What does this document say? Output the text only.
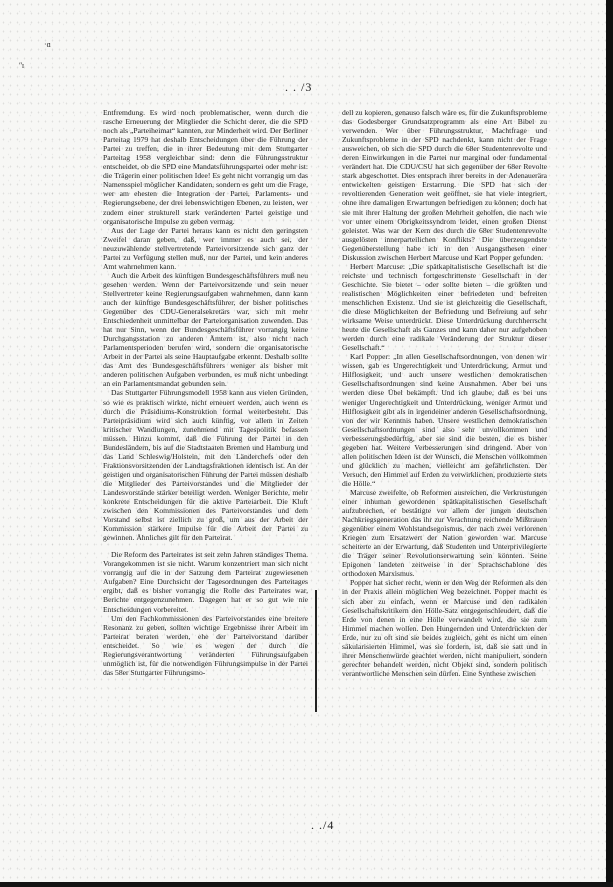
·ɑ
ʺɪ
. . /3

Entfremdung. Es wird noch problematischer, wenn durch die rasche Erneuerung der Mitglieder die Schicht derer, die die SPD noch als „Parteiheimat“ kannten, zur Minderheit wird. Der Berliner Parteitag 1979 hat deshalb Entscheidungen über die Führung der Partei zu treffen, die in ihrer Bedeutung mit dem Stuttgarter Parteitag 1958 vergleichbar sind: denn die Führungsstruktur entscheidet, ob die SPD eine Mandatsführungspartei oder mehr ist: die Trägerin einer politischen Idee! Es geht nicht vorrangig um das Namensspiel möglicher Kandidaten, sondern es geht um die Frage, wer am ehesten die Integration der Partei, Parlaments- und Regierungsebene, der drei lebenswichtigen Ebenen, zu leisten, wer zudem einer strukturell stark veränderten Partei geistige und organisatorische Impulse zu geben vermag.

Aus der Lage der Partei heraus kann es nicht den geringsten Zweifel daran geben, daß, wer immer es auch sei, der neuzuwählende stellvertretende Parteivorsitzende sich ganz der Partei zu Verfügung stellen muß, nur der Partei, und kein anderes Amt wahrnehmen kann.

Auch die Arbeit des künftigen Bundesgeschäftsführers muß neu gesehen werden. Wenn der Parteivorsitzende und sein neuer Stellvertreter keine Regierungsaufgaben wahrnehmen, dann kann auch der künftige Bundesgeschäftsführer, der bisher politisches Gegenüber des CDU-Generalsekretärs war, sich mit mehr Entschiedenheit unmittelbar der Parteiorganisation zuwenden. Das hat nur Sinn, wenn der Bundesgeschäftsführer vorrangig keine Durchgangsstation zu anderen Ämtern ist, also nicht nach Parlamentsperioden berufen wird, sondern die organisatorische Arbeit in der Partei als seine Hauptaufgabe erkennt. Deshalb sollte das Amt des Bundesgeschäftsführers weniger als bisher mit anderen politischen Aufgaben verbunden, es muß nicht unbedingt an ein Parlamentsmandat gebunden sein.

Das Stuttgarter Führungsmodell 1958 kann aus vielen Gründen, so wie es praktisch wirkte, nicht erneuert werden, auch wenn es durch die Präsidiums-Konstruktion formal weiterbesteht. Das Parteipräsidium wird sich auch künftig, vor allem in Zeiten kritischer Wandlungen, zunehmend mit Tagespolitik befassen müssen. Hinzu kommt, daß die Führung der Partei in den Bundesländern, bis auf die Stadtstaaten Bremen und Hamburg und das Land Schleswig/Holstein, mit den Länderchefs oder den Fraktionsvorsitzenden der Landtagsfraktionen identisch ist. An der geistigen und organisatorischen Führung der Partei müssen deshalb die Mitglieder des Parteivorstandes und die Mitglieder der Landesvorstände stärker beteiligt werden. Weniger Berichte, mehr konkrete Entscheidungen für die aktive Parteiarbeit. Die Kluft zwischen den Kommissionen des Parteivorstandes und dem Vorstand selbst ist ziellich zu groß, um aus der Arbeit der Kommission stärkere Impulse für die Arbeit der Partei zu gewinnen. Ähnliches gilt für den Parteirat.

Die Reform des Parteirates ist seit zehn Jahren ständiges Thema. Vorangekommen ist sie nicht. Warum konzentriert man sich nicht vorrangig auf die in der Satzung dem Parteirat zugewiesenen Aufgaben? Eine Durchsicht der Tagesordnungen des Parteitages ergibt, daß es bisher vorrangig die Rolle des Parteirates war, Berichte entgegenzunehmen. Dagegen hat er so gut wie nie Entscheidungen vorbereitet.

Um den Fachkommissionen des Parteivorstandes eine breitere Resonanz zu geben, sollten wichtige Ergebnisse ihrer Arbeit im Parteirat beraten werden, ehe der Parteivorstand darüber entscheidet. So wie es wegen der durch die Regierungsverantwortung veränderten Führungsaufgaben unmöglich ist, für die notwendigen Führungsimpulse in der Partei das 58er Stuttgarter Führungsmo-

dell zu kopieren, genauso falsch wäre es, für die Zukunftsprobleme das Godesberger Grundsatzprogramm als eine Art Bibel zu verwenden. Wer über Führungsstruktur, Machtfrage und Zukunftsprobleme in der SPD nachdenkt, kann nicht der Frage ausweichen, ob sich die SPD durch die 68er Studentenrevolte und deren Einwirkungen in die Partei nur marginal oder fundamental verändert hat. Die CDU/CSU hat sich gegenüber der 68er Revolte stark abgeschottet. Dies entsprach ihrer bereits in der Adenauerära entwickelten geistigen Erstarrung. Die SPD hat sich der revoltierenden Generation weit geöffnet, sie hat viele integriert, ohne ihre damaligen Erwartungen befriedigen zu können; doch hat sie mit ihrer Haltung der großen Mehrheit geholfen, die nach wie vor unter einem Obrigkeitssyndrom leidet, einen großen Dienst geleistet. Was war der Kern des durch die 68er Studentenrevolte ausgelösten innerparteilichen Konflikts? Die überzeugendste Gegenüberstellung habe ich in den Ausgangsthesen einer Diskussion zwischen Herbert Marcuse und Karl Popper gefunden.

Herbert Marcuse: „Die spätkapitalistische Gesellschaft ist die reichste und technisch fortgeschrittenste Gesellschaft in der Geschichte. Sie bietet – oder sollte bieten – die größten und realistischen Möglichkeiten einer befriedeten und befreiten menschlichen Existenz. Und sie ist gleichzeitig die Gesellschaft, die diese Möglichkeiten der Befriedung und Befreiung auf sehr wirksame Weise unterdrückt. Diese Unterdrückung durchherrscht heute die Gesellschaft als Ganzes und kann daher nur aufgehoben werden durch eine radikale Veränderung der Struktur dieser Gesellschaft.“

Karl Popper: „In allen Gesellschaftsordnungen, von denen wir wissen, gab es Ungerechtigkeit und Unterdrückung, Armut und Hilflosigkeit, und auch unsere westlichen demokratischen Gesellschaftsordnungen sind keine Ausnahmen. Aber bei uns werden diese Übel bekämpft. Und ich glaube, daß es bei uns weniger Ungerechtigkeit und Unterdrückung, weniger Armut und Hilflosigkeit gibt als in irgendeiner anderen Gesellschaftsordnung, von der wir Kenntnis haben. Unsere westlichen demokratischen Gesellschaftsordnungen sind also sehr unvollkommen und verbesserungsbedürftig, aber sie sind die besten, die es bisher gegeben hat. Weitere Verbesserungen sind dringend. Aber von allen politischen Ideen ist der Wunsch, die Menschen vollkommen und glücklich zu machen, vielleicht am gefährlichsten. Der Versuch, den Himmel auf Erden zu verwirklichen, produzierte stets die Hölle.“

Marcuse zweifelte, ob Reformen ausreichen, die Verkrustungen einer inhuman gewordenen spätkapitalistischen Gesellschaft aufzubrechen, er bestätigte vor allem der jungen deutschen Nachkriegsgeneration das ihr zur Verachtung reichende Mißtrauen gegenüber einem Wohlstandsegoismus, der nach zwei verlorenen Kriegen zum Ersatzwert der Nation geworden war. Marcuse scheiterte an der Erwartung, daß Studenten und Unterprivilegierte die Träger seiner Revolutionserwartung sein könnten. Seine Epigonen landeten zeitweise in der Sprachschablone des orthodoxen Marxismus.

Popper hat sicher recht, wenn er den Weg der Reformen als den in der Praxis allein möglichen Weg bezeichnet. Popper macht es sich aber zu einfach, wenn er Marcuse und den radikalen Gesellschaftskritikern den Hölle-Satz entgegenschleudert, daß die Erde von denen in eine Hölle verwandelt wird, die sie zum Himmel machen wollen. Den Hungernden und Unterdrückten der Erde, nur zu oft sind sie beides zugleich, geht es nicht um einen säkularisierten Himmel, was sie fordern, ist, daß sie satt und in ihrer Menschenwürde geachtet werden, nicht manipuliert, sondern gerechter behandelt werden, nicht Objekt sind, sondern politisch verantwortliche Menschen sein dürfen. Eine Synthese zwischen

. ./4
